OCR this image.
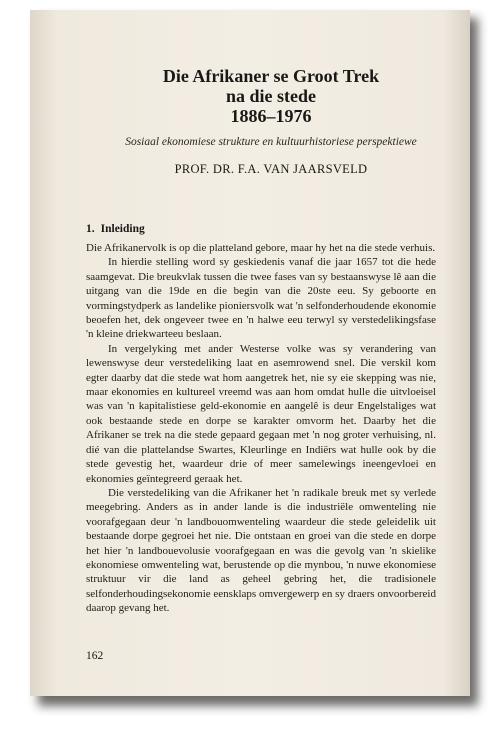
Die Afrikaner se Groot Trek
na die stede
1886–1976

Sosiaal ekonomiese strukture en kultuurhistoriese perspektiewe

PROF. DR. F.A. VAN JAARSVELD

1. Inleiding

Die Afrikanervolk is op die platteland gebore, maar hy het na die stede verhuis.

In hierdie stelling word sy geskiedenis vanaf die jaar 1657 tot die hede saamgevat. Die breukvlak tussen die twee fases van sy bestaanswyse lê aan die uitgang van die 19de en die begin van die 20ste eeu. Sy geboorte en vormingstydperk as landelike pioniersvolk wat 'n selfonderhoudende ekonomie beoefen het, dek ongeveer twee en 'n halwe eeu terwyl sy verstedelikingsfase 'n kleine driekwarteeu beslaan.

In vergelyking met ander Westerse volke was sy verandering van lewenswyse deur verstedeliking laat en asemrowend snel. Die verskil kom egter daarby dat die stede wat hom aangetrek het, nie sy eie skepping was nie, maar ekonomies en kultureel vreemd was aan hom omdat hulle die uitvloeisel was van 'n kapitalistiese geld-ekonomie en aangelê is deur Engelstaliges wat ook bestaande stede en dorpe se karakter omvorm het. Daarby het die Afrikaner se trek na die stede gepaard gegaan met 'n nog groter verhuising, nl. dié van die plattelandse Swartes, Kleurlinge en Indiërs wat hulle ook by die stede gevestig het, waardeur drie of meer samelewings ineengevloei en ekonomies geïntegreerd geraak het.

Die verstedeliking van die Afrikaner het 'n radikale breuk met sy verlede meegebring. Anders as in ander lande is die industriële omwenteling nie voorafgegaan deur 'n landbouomwenteling waardeur die stede geleidelik uit bestaande dorpe gegroei het nie. Die ontstaan en groei van die stede en dorpe het hier 'n landbouevolusie voorafgegaan en was die gevolg van 'n skielike ekonomiese omwenteling wat, berustende op die mynbou, 'n nuwe ekonomiese struktuur vir die land as geheel gebring het, die tradisionele selfonderhoudingsekonomie eensklaps omvergewerp en sy draers onvoorbereid daarop gevang het.

162
